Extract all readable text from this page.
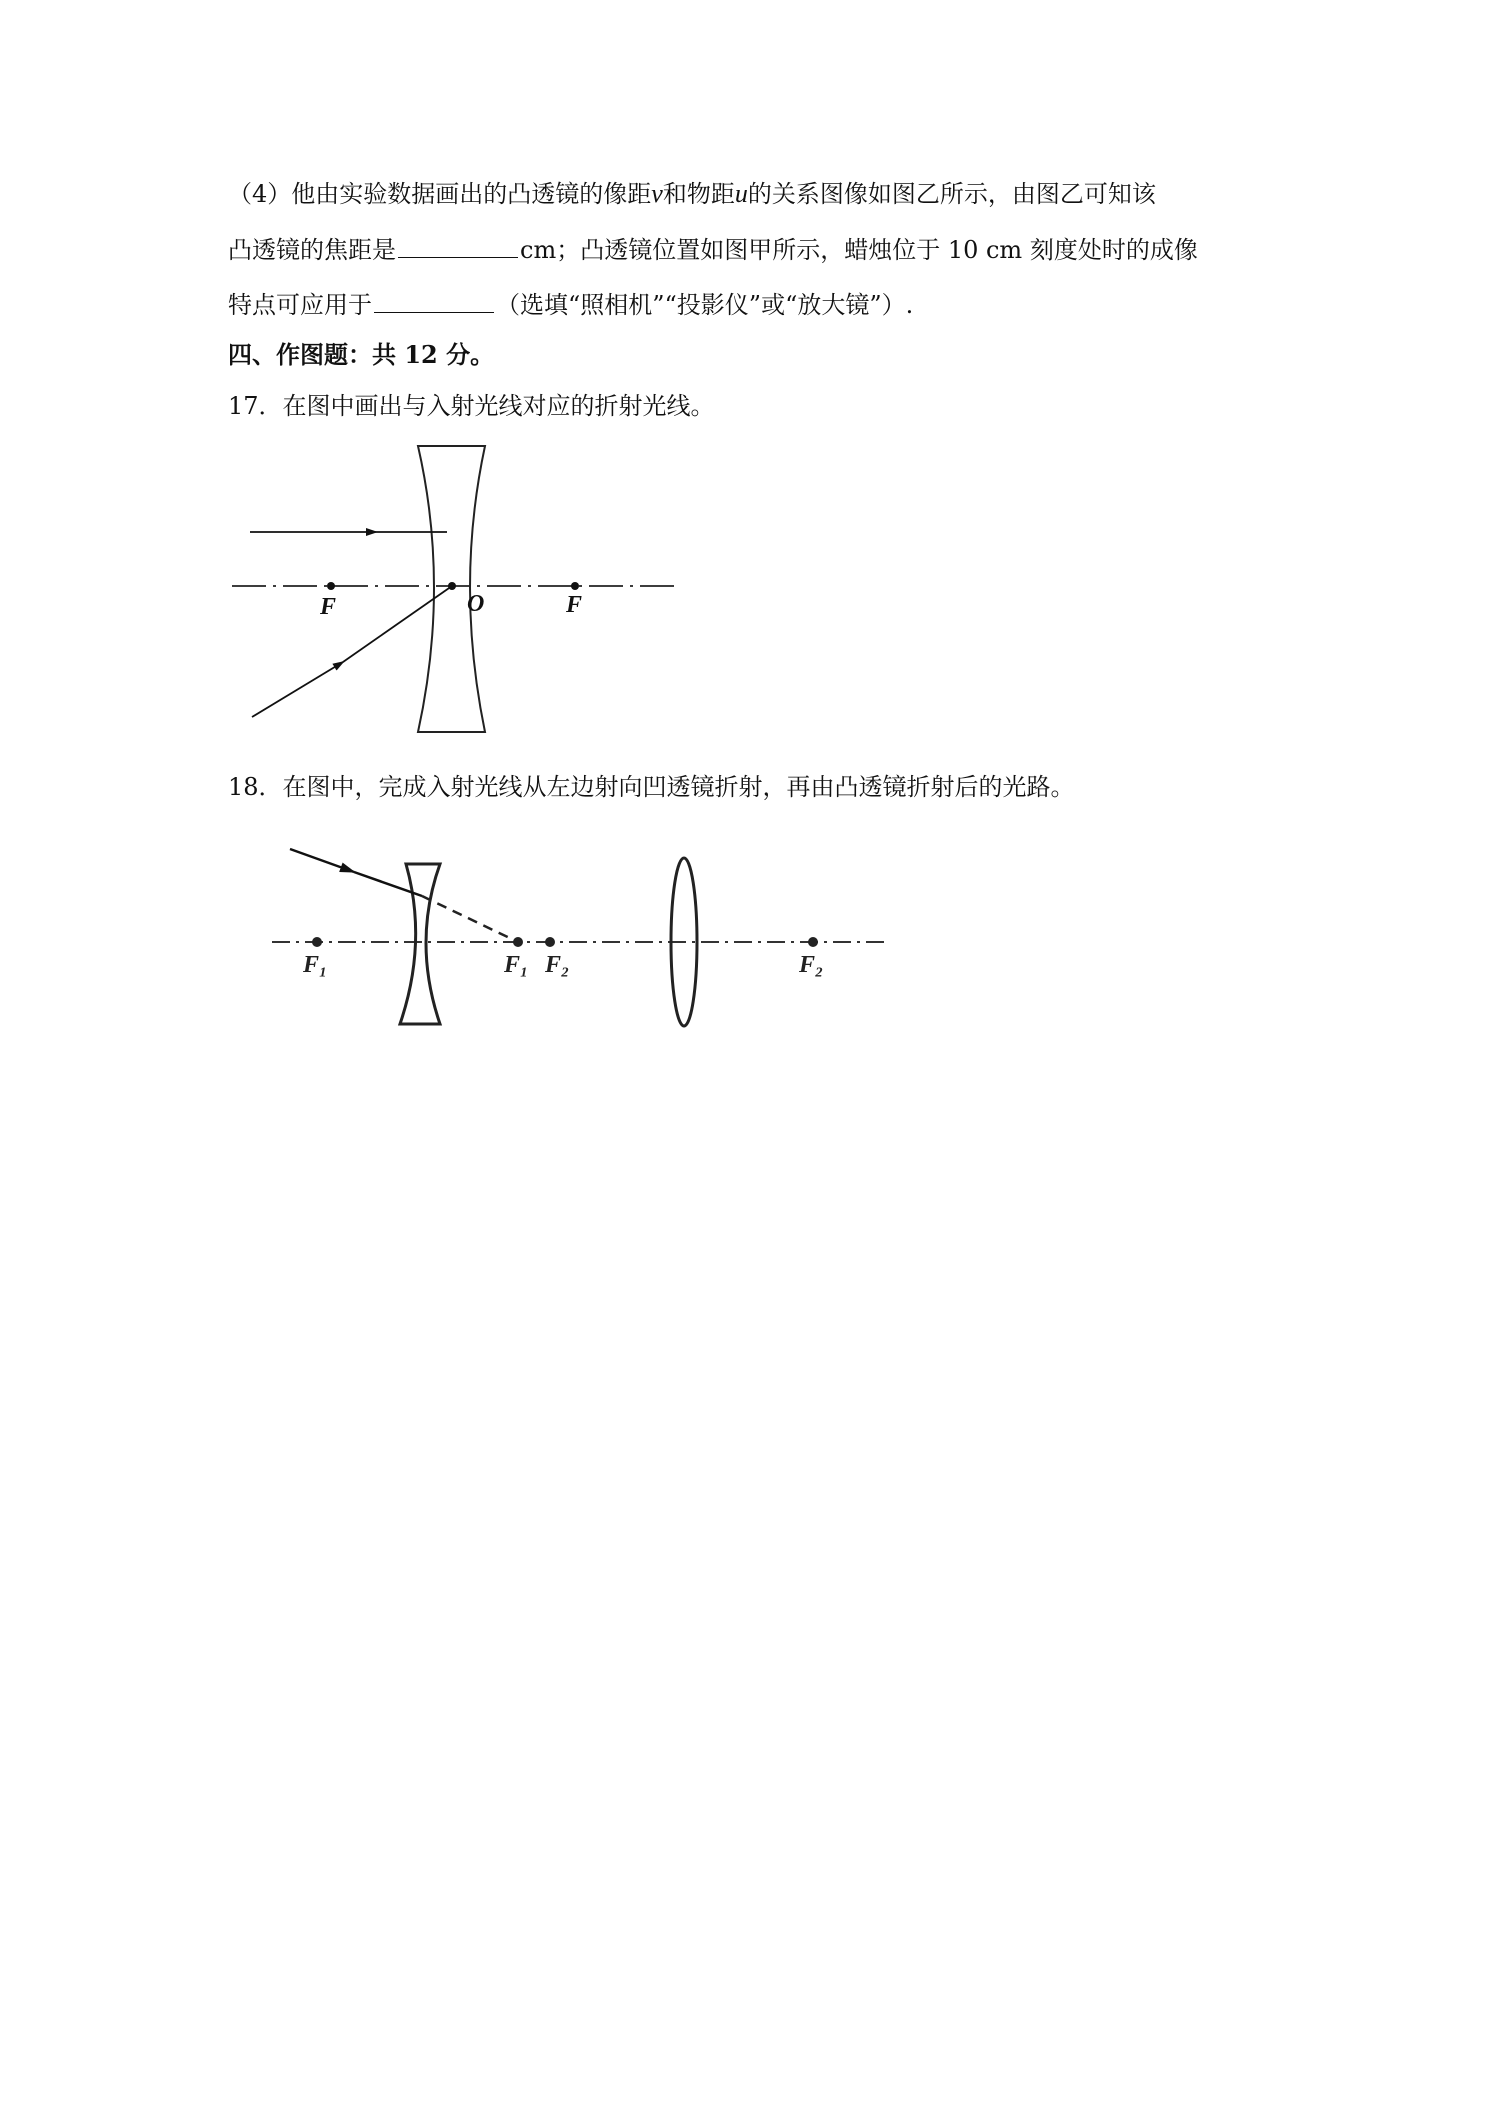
（4）他由实验数据画出的凸透镜的像距v和物距u的关系图像如图乙所示，由图乙可知该
凸透镜的焦距是	cm；凸透镜位置如图甲所示，蜡烛位于 10 cm 刻度处时的成像
特点可应用于	（选填“照相机”“投影仪”或“放大镜”）.
四、作图题：共 12 分。
17．在图中画出与入射光线对应的折射光线。
18．在图中，完成入射光线从左边射向凹透镜折射，再由凸透镜折射后的光路。
F	O	F
F₁	F₁ F₂	F₂
